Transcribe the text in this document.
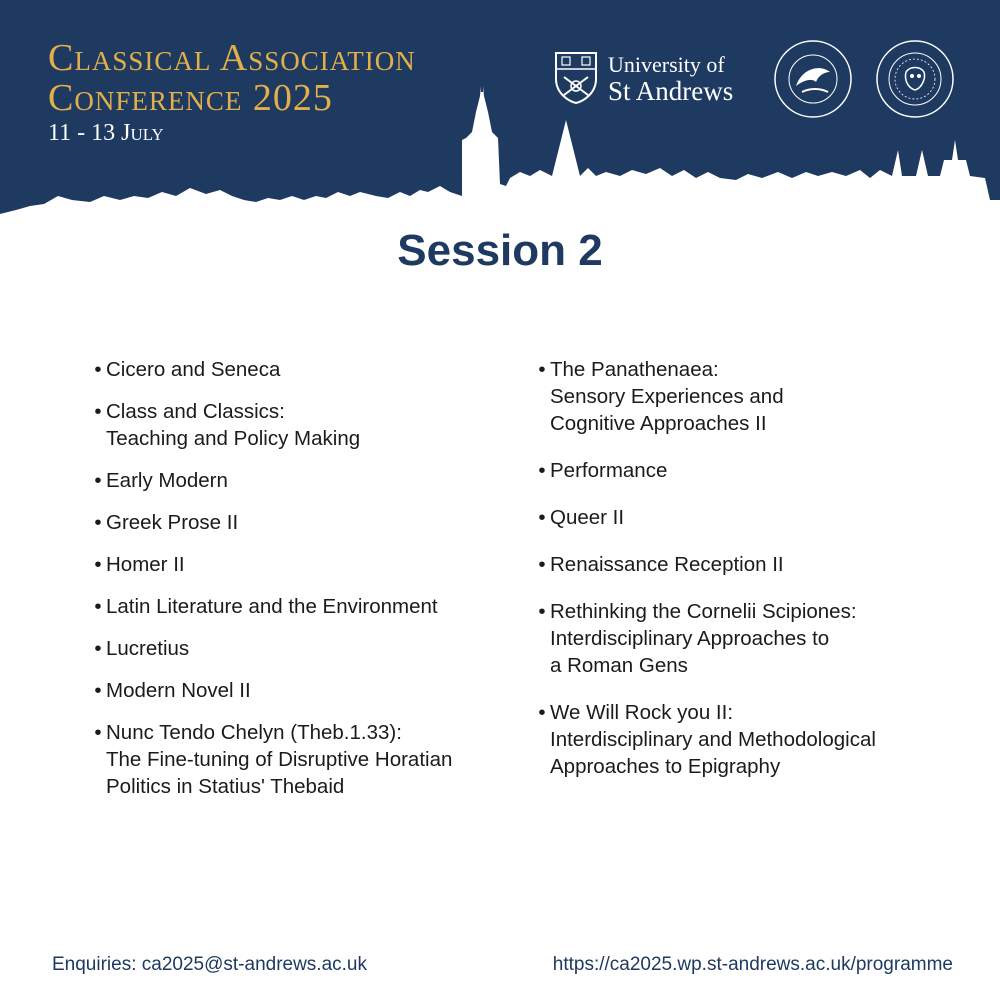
Classical Association
Conference 2025
11 - 13 July
University of
St Andrews
Session 2
• Cicero and Seneca
• Class and Classics:
Teaching and Policy Making
• Early Modern
• Greek Prose II
• Homer II
• Latin Literature and the Environment
• Lucretius
• Modern Novel II
• Nunc Tendo Chelyn (Theb.1.33):
The Fine-tuning of Disruptive Horatian
Politics in Statius' Thebaid
• The Panathenaea:
Sensory Experiences and
Cognitive Approaches II
• Performance
• Queer II
• Renaissance Reception II
• Rethinking the Cornelii Scipiones:
Interdisciplinary Approaches to
a Roman Gens
• We Will Rock you II:
Interdisciplinary and Methodological
Approaches to Epigraphy
Enquiries: ca2025@st-andrews.ac.uk	https://ca2025.wp.st-andrews.ac.uk/programme
